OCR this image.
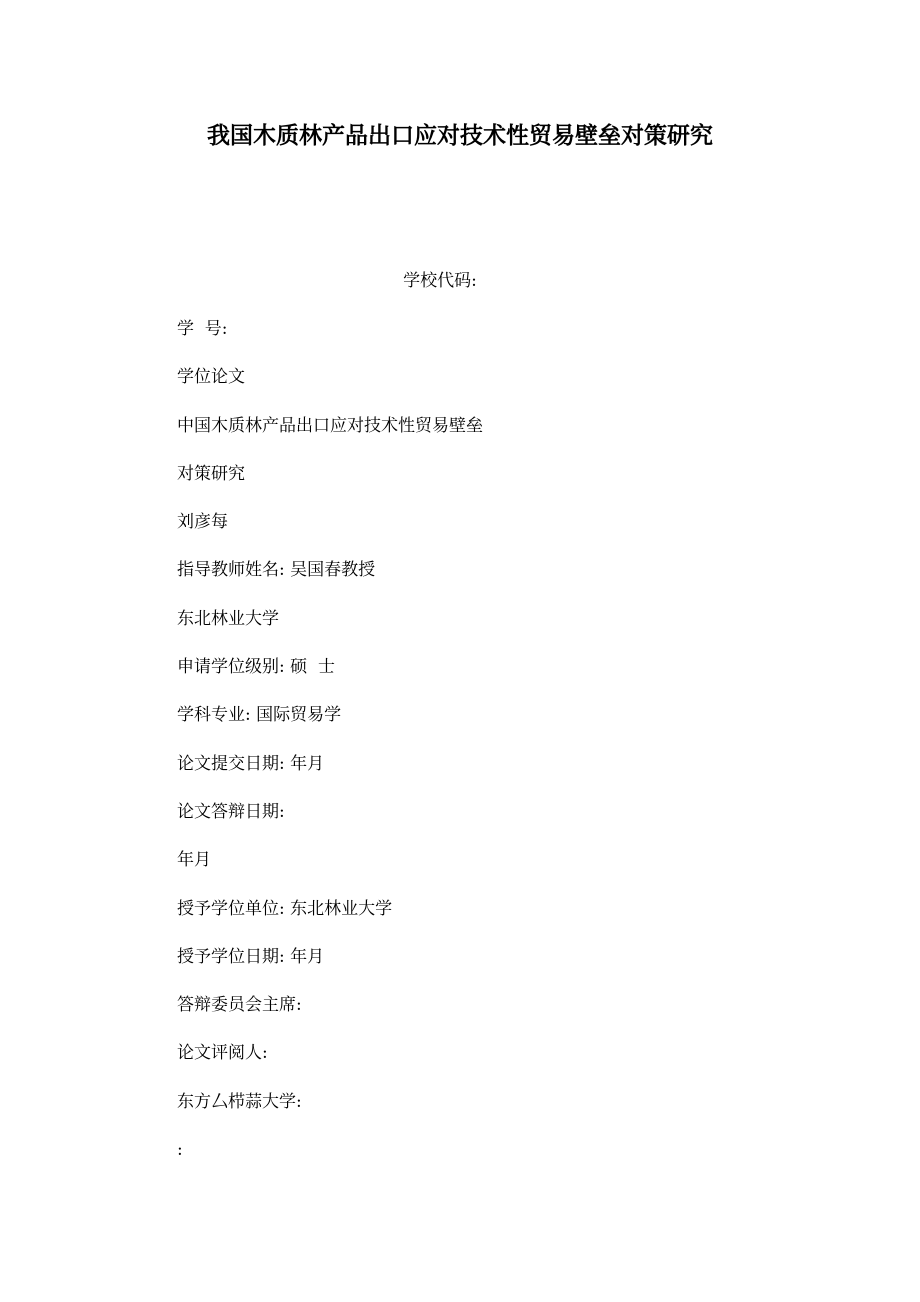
我国木质林产品出口应对技术性贸易壁垒对策研究
学校代码:
学  号:
学位论文
中国木质林产品出口应对技术性贸易壁垒
对策研究
刘彦每
指导教师姓名: 吴国春教授
东北林业大学
申请学位级别: 硕  士
学科专业: 国际贸易学
论文提交日期: 年月
论文答辩日期:
年月
授予学位单位: 东北林业大学
授予学位日期: 年月
答辩委员会主席:
论文评阅人:
东方厶栉蒜大学:
:
